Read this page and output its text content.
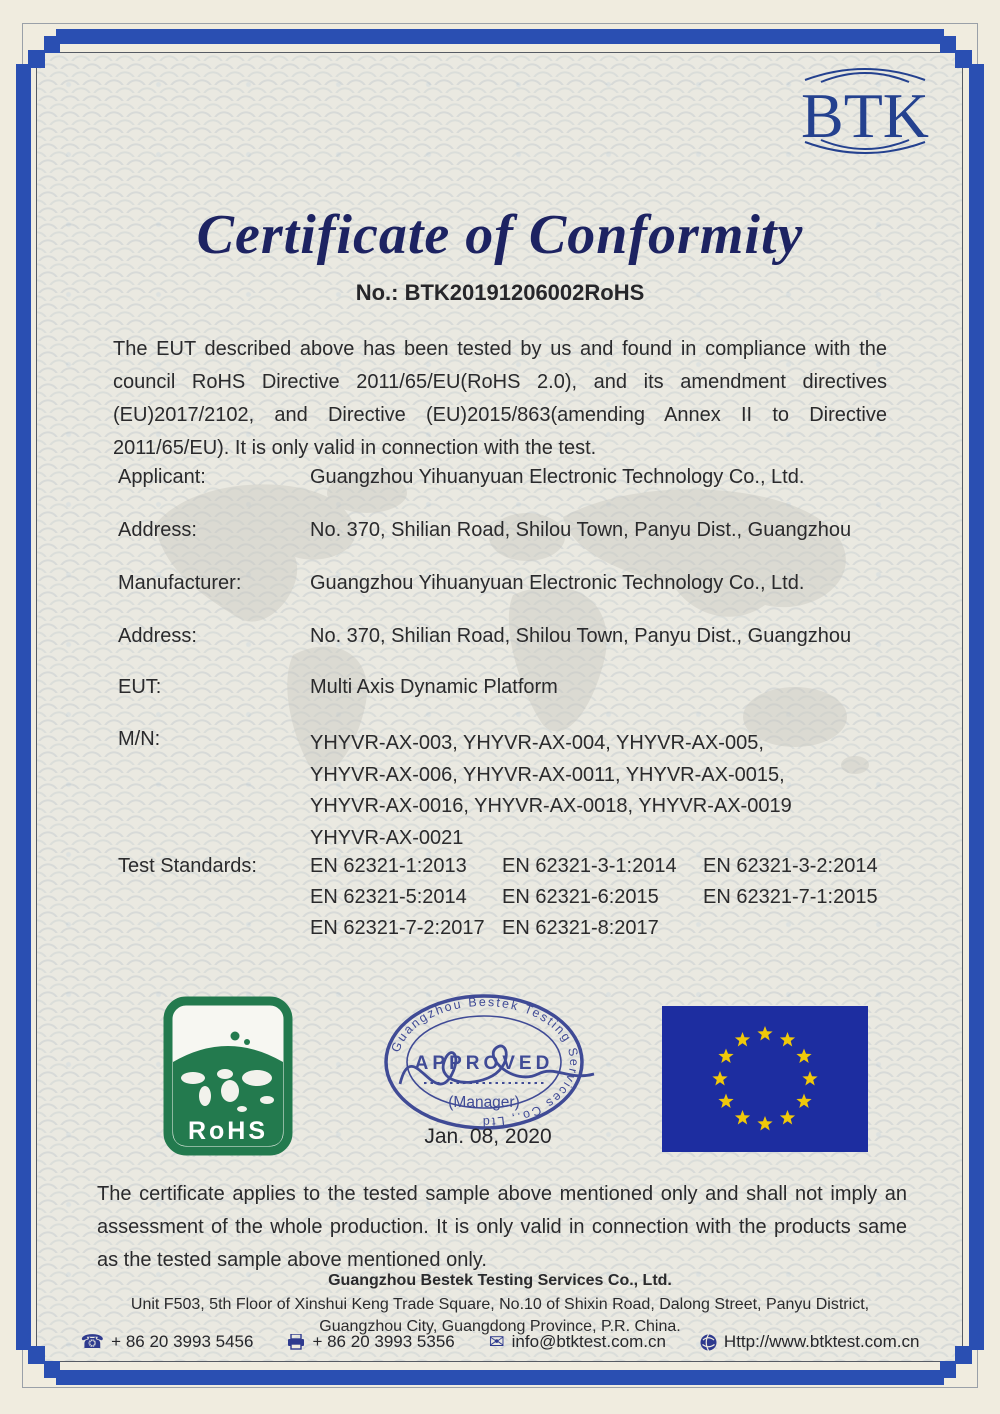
BTK
Certificate of Conformity
No.: BTK20191206002RoHS
The EUT described above has been tested by us and found in compliance with the council RoHS Directive 2011/65/EU(RoHS 2.0), and its amendment directives (EU)2017/2102, and Directive (EU)2015/863(amending Annex II to Directive 2011/65/EU). It is only valid in connection with the test.
Applicant:	Guangzhou Yihuanyuan Electronic Technology Co., Ltd.
Address:	No. 370, Shilian Road, Shilou Town, Panyu Dist., Guangzhou
Manufacturer:	Guangzhou Yihuanyuan Electronic Technology Co., Ltd.
Address:	No. 370, Shilian Road, Shilou Town, Panyu Dist., Guangzhou
EUT:	Multi Axis Dynamic Platform
M/N:	YHYVR-AX-003, YHYVR-AX-004, YHYVR-AX-005,
YHYVR-AX-006, YHYVR-AX-0011, YHYVR-AX-0015,
YHYVR-AX-0016, YHYVR-AX-0018, YHYVR-AX-0019
YHYVR-AX-0021
Test Standards:	EN 62321-1:2013 EN 62321-3-1:2014 EN 62321-3-2:2014
EN 62321-5:2014 EN 62321-6:2015 EN 62321-7-1:2015
EN 62321-7-2:2017 EN 62321-8:2017
RoHS
Guangzhou Bestek Testing Services Co., Ltd
APPROVED
(Manager)
Jan. 08, 2020
The certificate applies to the tested sample above mentioned only and shall not imply an assessment of the whole production. It is only valid in connection with the products same as the tested sample above mentioned only.
Guangzhou Bestek Testing Services Co., Ltd.
Unit F503, 5th Floor of Xinshui Keng Trade Square, No.10 of Shixin Road, Dalong Street, Panyu District,
Guangzhou City, Guangdong Province, P.R. China.
☎ + 86 20 3993 5456	+ 86 20 3993 5356 ✉ info@btktest.com.cn	Http://www.btktest.com.cn
